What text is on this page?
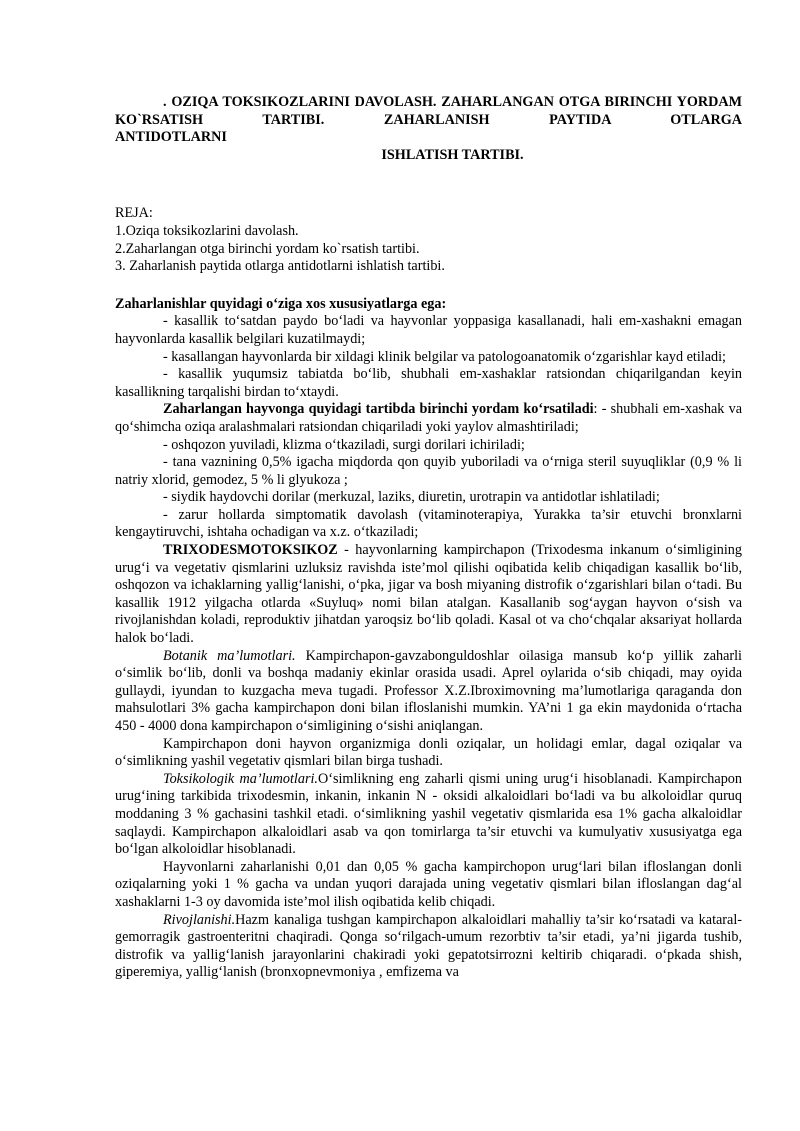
. OZIQA TOKSIKOZLARINI DAVOLASH. ZAHARLANGAN OTGA BIRINCHI YORDAM KO`RSATISH TARTIBI. ZAHARLANISH PAYTIDA OTLARGA

ANTIDOTLARNI

ISHLATISH TARTIBI.

REJA:

1.Oziqa toksikozlarini davolash.

2.Zaharlangan otga birinchi yordam ko`rsatish tartibi.

3. Zaharlanish paytida otlarga antidotlarni ishlatish tartibi.

Zaharlanishlar quyidagi o‘ziga xos xususiyatlarga ega:

- kasallik to‘satdan paydo bo‘ladi va hayvonlar yoppasiga kasallanadi, hali em-xashakni emagan hayvonlarda kasallik belgilari kuzatilmaydi;

- kasallangan hayvonlarda bir xildagi klinik belgilar va patologoanatomik o‘zgarishlar kayd etiladi;

- kasallik yuqumsiz tabiatda bo‘lib, shubhali em-xashaklar ratsiondan chiqarilgandan keyin kasallikning tarqalishi birdan to‘xtaydi.

Zaharlangan hayvonga quyidagi tartibda birinchi yordam ko‘rsatiladi: - shubhali em-xashak va qo‘shimcha oziqa aralashmalari ratsiondan chiqariladi yoki yaylov almashtiriladi;

- oshqozon yuviladi, klizma o‘tkaziladi, surgi dorilari ichiriladi;

- tana vaznining 0,5% igacha miqdorda qon quyib yuboriladi va o‘rniga steril suyuqliklar (0,9 % li natriy xlorid, gemodez, 5 % li glyukoza ;

- siydik haydovchi dorilar (merkuzal, laziks, diuretin, urotrapin va antidotlar ishlatiladi;

- zarur hollarda simptomatik davolash (vitaminoterapiya, Yurakka ta’sir etuvchi bronxlarni kengaytiruvchi, ishtaha ochadigan va x.z. o‘tkaziladi;

TRIXODESMOTOKSIKOZ - hayvonlarning kampirchapon (Trixodesma inkanum o‘simligining urug‘i va vegetativ qismlarini uzluksiz ravishda iste’mol qilishi oqibatida kelib chiqadigan kasallik bo‘lib, oshqozon va ichaklarning yallig‘lanishi, o‘pka, jigar va bosh miyaning distrofik o‘zgarishlari bilan o‘tadi. Bu kasallik 1912 yilgacha otlarda «Suyluq» nomi bilan atalgan. Kasallanib sog‘aygan hayvon o‘sish va rivojlanishdan koladi, reproduktiv jihatdan yaroqsiz bo‘lib qoladi. Kasal ot va cho‘chqalar aksariyat hollarda halok bo‘ladi.

Botanik ma’lumotlari. Kampirchapon-gavzabonguldoshlar oilasiga mansub ko‘p yillik zaharli o‘simlik bo‘lib, donli va boshqa madaniy ekinlar orasida usadi. Aprel oylarida o‘sib chiqadi, may oyida gullaydi, iyundan to kuzgacha meva tugadi. Professor X.Z.Ibroximovning ma’lumotlariga qaraganda don mahsulotlari 3% gacha kampirchapon doni bilan ifloslanishi mumkin. YA’ni 1 ga ekin maydonida o‘rtacha 450 - 4000 dona kampirchapon o‘simligining o‘sishi aniqlangan.

Kampirchapon doni hayvon organizmiga donli oziqalar, un holidagi emlar, dagal oziqalar va o‘simlikning yashil vegetativ qismlari bilan birga tushadi.

Toksikologik ma’lumotlari.O‘simlikning eng zaharli qismi uning urug‘i hisoblanadi. Kampirchapon urug‘ining tarkibida trixodesmin, inkanin, inkanin N - oksidi alkaloidlari bo‘ladi va bu alkoloidlar quruq moddaning 3 % gachasini tashkil etadi. o‘simlikning yashil vegetativ qismlarida esa 1% gacha alkaloidlar saqlaydi. Kampirchapon alkaloidlari asab va qon tomirlarga ta’sir etuvchi va kumulyativ xususiyatga ega bo‘lgan alkoloidlar hisoblanadi.

Hayvonlarni zaharlanishi 0,01 dan 0,05 % gacha kampirchopon urug‘lari bilan ifloslangan donli oziqalarning yoki 1 % gacha va undan yuqori darajada uning vegetativ qismlari bilan ifloslangan dag‘al xashaklarni 1-3 oy davomida iste’mol ilish oqibatida kelib chiqadi.

Rivojlanishi.Hazm kanaliga tushgan kampirchapon alkaloidlari mahalliy ta’sir ko‘rsatadi va kataral-gemorragik gastroenteritni chaqiradi. Qonga so‘rilgach-umum rezorbtiv ta’sir etadi, ya’ni jigarda tushib, distrofik va yallig‘lanish jarayonlarini chakiradi yoki gepatotsirrozni keltirib chiqaradi. o‘pkada shish, giperemiya, yallig‘lanish (bronxopnevmoniya , emfizema va
